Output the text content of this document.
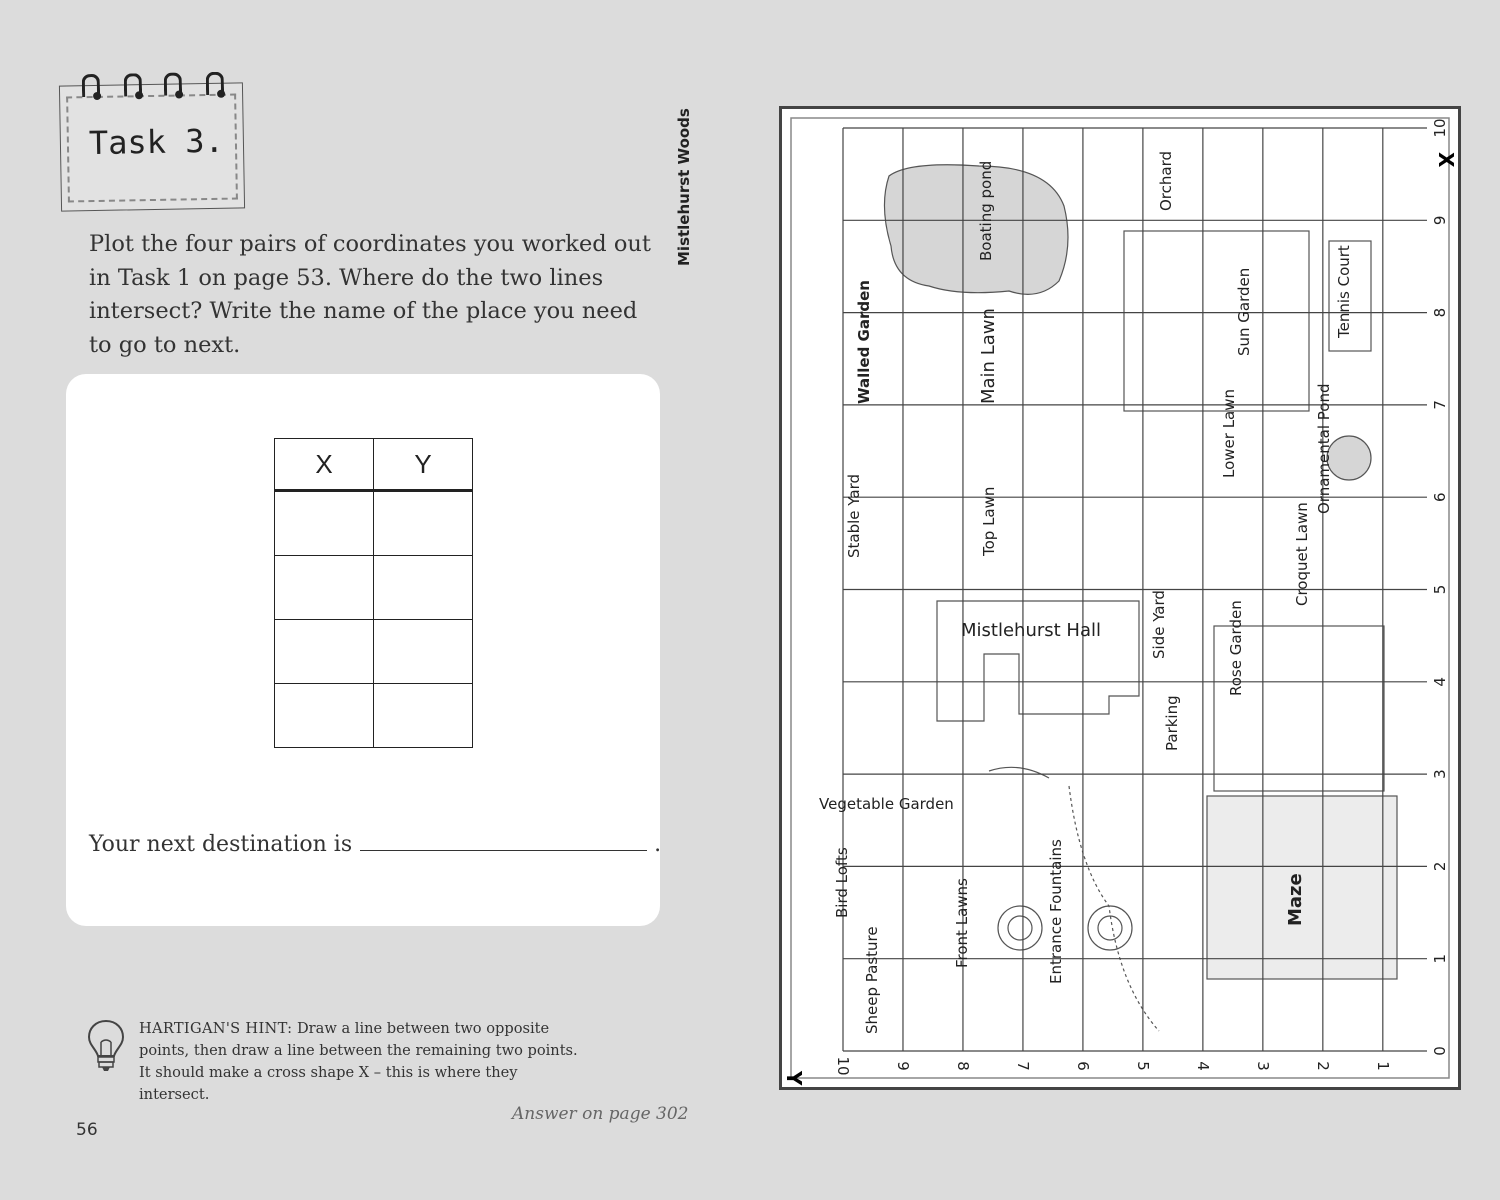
Task 3.

Plot the four pairs of coordinates you worked out in Task 1 on page 53. Where do the two lines intersect? Write the name of the place you need to go to next.

X	Y

Your next destination is	.

HARTIGAN'S HINT: Draw a line between two opposite points, then draw a line between the remaining two points. It should make a cross shape X – this is where they intersect.

Answer on page 302
56
X
Y
0
1
2
3
4
5
6
7
8
9
10
10	9	8	7	6	5	4	3	2	1
Mistlehurst Woods	Boating pond	Orchard
Walled Garden	Main Lawn	Sun Garden	Tennis Court
Stable Yard
Lower Lawn	Ornamental Pond
Top Lawn	Croquet Lawn
Mistlehurst Hall	Side Yard	Rose Garden
Parking
Vegetable Garden
Bird Lofts	Front Lawns	Entrance Fountains	Maze
Sheep Pasture
